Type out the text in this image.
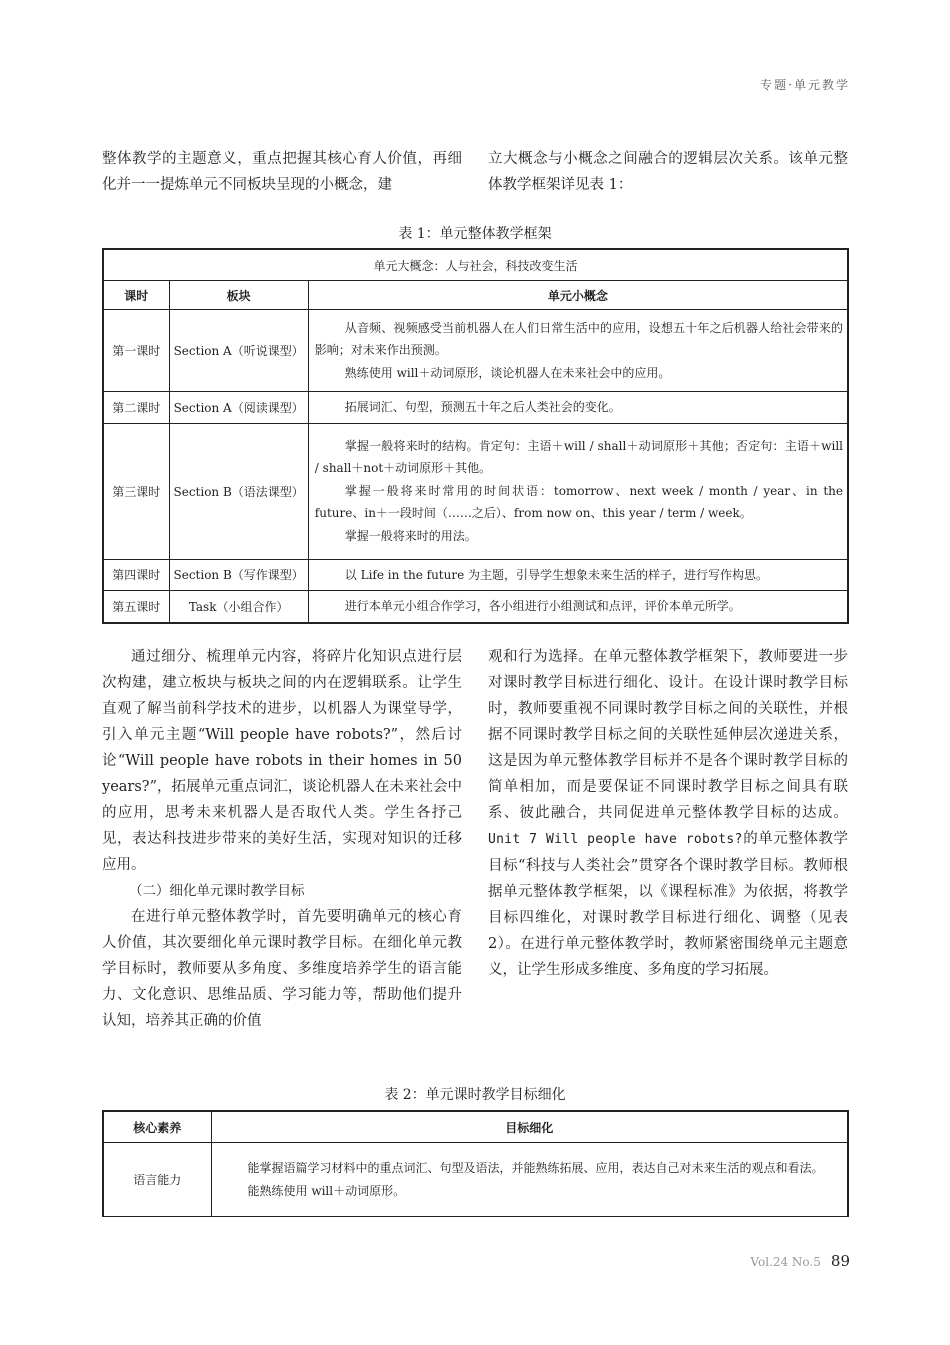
专题·单元教学

整体教学的主题意义，重点把握其核心育人价值，再细化并一一提炼单元不同板块呈现的小概念，建

立大概念与小概念之间融合的逻辑层次关系。该单元整体教学框架详见表 1：

表 1：单元整体教学框架
单元大概念：人与社会，科技改变生活		
课时	板块	单元小概念
第一课时	Section A（听说课型）	从音频、视频感受当前机器人在人们日常生活中的应用，设想五十年之后机器人给社会带来的影响；对未来作出预测。
熟练使用 will＋动词原形，谈论机器人在未来社会中的应用。

第二课时	Section A（阅读课型）	拓展词汇、句型，预测五十年之后人类社会的变化。

第三课时	Section B（语法课型）	掌握一般将来时的结构。肯定句：主语＋will / shall＋动词原形＋其他；否定句：主语＋will / shall＋not＋动词原形＋其他。
掌握一般将来时常用的时间状语：tomorrow、next week / month / year、in the future、in＋一段时间（……之后）、from now on、this year / term / week。
掌握一般将来时的用法。

第四课时	Section B（写作课型）	以 Life in the future 为主题，引导学生想象未来生活的样子，进行写作构思。

第五课时	Task（小组合作）	进行本单元小组合作学习，各小组进行小组测试和点评，评价本单元所学。

通过细分、梳理单元内容，将碎片化知识点进行层次构建，建立板块与板块之间的内在逻辑联系。让学生直观了解当前科学技术的进步，以机器人为课堂导学，引入单元主题“Will people have robots?”，然后讨论“Will people have robots in their homes in 50 years?”，拓展单元重点词汇，谈论机器人在未来社会中的应用，思考未来机器人是否取代人类。学生各抒己见，表达科技进步带来的美好生活，实现对知识的迁移应用。

（二）细化单元课时教学目标

在进行单元整体教学时，首先要明确单元的核心育人价值，其次要细化单元课时教学目标。在细化单元教学目标时，教师要从多角度、多维度培养学生的语言能力、文化意识、思维品质、学习能力等，帮助他们提升认知，培养其正确的价值

观和行为选择。在单元整体教学框架下，教师要进一步对课时教学目标进行细化、设计。在设计课时教学目标时，教师要重视不同课时教学目标之间的关联性，并根据不同课时教学目标之间的关联性延伸层次递进关系，这是因为单元整体教学目标并不是各个课时教学目标的简单相加，而是要保证不同课时教学目标之间具有联系、彼此融合，共同促进单元整体教学目标的达成。Unit 7 Will people have robots?的单元整体教学目标“科技与人类社会”贯穿各个课时教学目标。教师根据单元整体教学框架，以《课程标准》为依据，将教学目标四维化，对课时教学目标进行细化、调整（见表 2）。在进行单元整体教学时，教师紧密围绕单元主题意义，让学生形成多维度、多角度的学习拓展。

表 2：单元课时教学目标细化
核心素养	目标细化
语言能力	能掌握语篇学习材料中的重点词汇、句型及语法，并能熟练拓展、应用，表达自己对未来生活的观点和看法。
能熟练使用 will＋动词原形。
Vol.24 No.5 89
